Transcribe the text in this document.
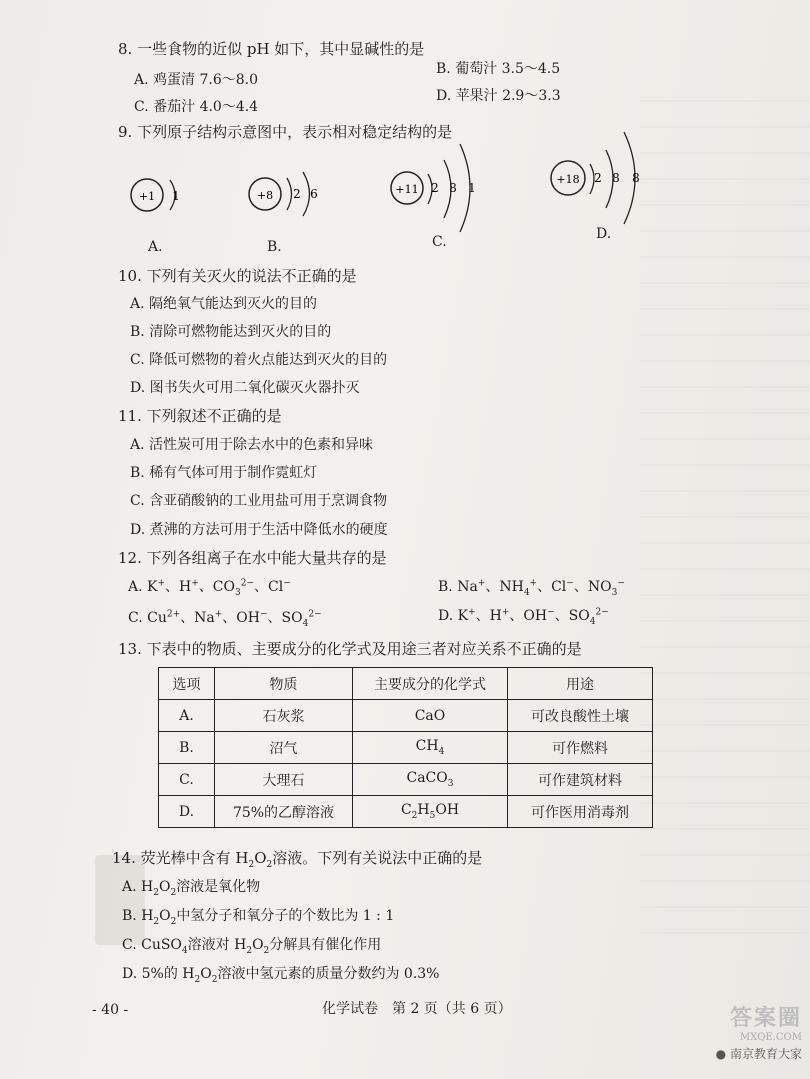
8. 一些食物的近似 pH 如下，其中显碱性的是
A. 鸡蛋清 7.6～8.0
B. 葡萄汁 3.5～4.5
C. 番茄汁 4.0～4.4
D. 苹果汁 2.9～3.3
9. 下列原子结构示意图中，表示相对稳定结构的是
+1 1
A.
+8 2 6
B.
+11 2 8 1
C.
+18 2 8 8
D.
10. 下列有关灭火的说法不正确的是
A. 隔绝氧气能达到灭火的目的
B. 清除可燃物能达到灭火的目的
C. 降低可燃物的着火点能达到灭火的目的
D. 图书失火可用二氧化碳灭火器扑灭
11. 下列叙述不正确的是
A. 活性炭可用于除去水中的色素和异味
B. 稀有气体可用于制作霓虹灯
C. 含亚硝酸钠的工业用盐可用于烹调食物
D. 煮沸的方法可用于生活中降低水的硬度
12. 下列各组离子在水中能大量共存的是
A. K+、H+、$CO_3^{2-}$、Cl−	B. Na+、$NH_4^+$、Cl−、$NO_3^-$
C. $Cu^{2+}$、Na+、OH−、$SO_4^{2-}$	D. K+、H+、OH−、$SO_4^{2-}$
13. 下表中的物质、主要成分的化学式及用途三者对应关系不正确的是
选项	物质	主要成分的化学式	用途
A.	石灰浆	CaO	可改良酸性土壤
B.	沼气	$CH_4$	可作燃料
C.	大理石	CaCO$_3$	可作建筑材料
D.	75%的乙醇溶液	$C_2H_5OH$	可作医用消毒剂
14. 荧光棒中含有 $H_2O_2$溶液。下列有关说法中正确的是
A. $H_2O_2$溶液是氧化物
B. $H_2O_2$中氢分子和氧分子的个数比为 1 : 1
C. CuSO$_4$溶液对 $H_2O_2$分解具有催化作用
D. 5%的 $H_2O_2$溶液中氢元素的质量分数约为 0.3%
- 40 -	化学试卷　第 2 页（共 6 页）	答案圈
MXQE.COM
● 南京教育大家
